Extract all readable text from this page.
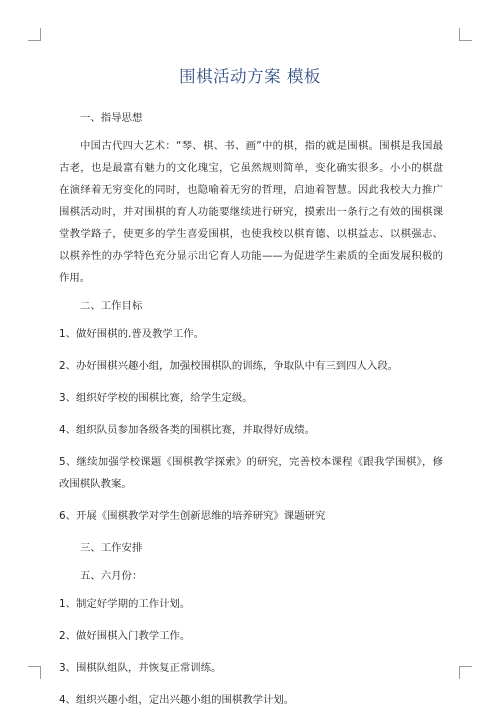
围棋活动方案 模板

一、指导思想

中国古代四大艺术：“琴、棋、书、画”中的棋，指的就是围棋。围棋是我国最古老，也是最富有魅力的文化瑰宝，它虽然规则简单，变化确实很多。小小的棋盘在演绎着无穷变化的同时，也隐喻着无穷的哲理，启迪着智慧。因此我校大力推广围棋活动时，并对围棋的育人功能要继续进行研究，摸索出一条行之有效的围棋课堂教学路子，使更多的学生喜爱围棋，也使我校以棋育德、以棋益志、以棋强志、以棋养性的办学特色充分显示出它育人功能——为促进学生素质的全面发展积极的作用。

二、工作目标

1、做好围棋的.普及教学工作。

2、办好围棋兴趣小组，加强校围棋队的训练，争取队中有三到四人入段。

3、组织好学校的围棋比赛，给学生定级。

4、组织队员参加各级各类的围棋比赛，并取得好成绩。

5、继续加强学校课题《围棋教学探索》的研究，完善校本课程《跟我学围棋》，修改围棋队教案。

6、开展《围棋教学对学生创新思维的培养研究》课题研究

三、工作安排

五、六月份：

1、制定好学期的工作计划。

2、做好围棋入门教学工作。

3、围棋队组队，并恢复正常训练。

4、组织兴趣小组，定出兴趣小组的围棋教学计划。
